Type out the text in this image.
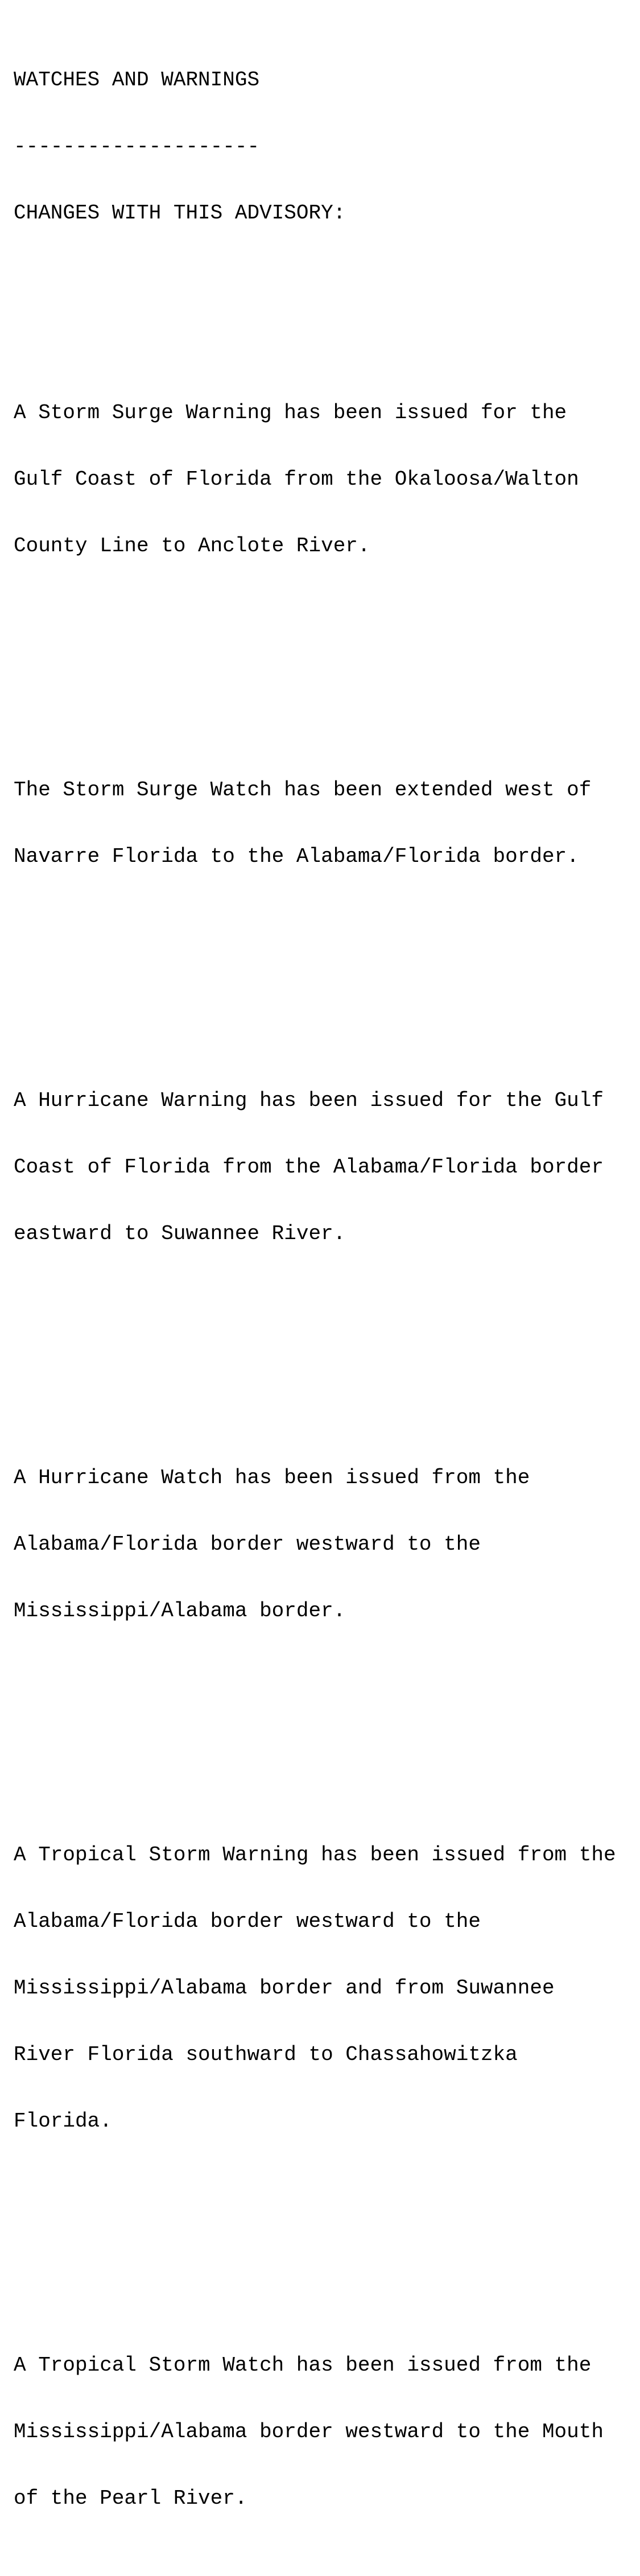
WATCHES AND WARNINGS

--------------------

CHANGES WITH THIS ADVISORY:

A Storm Surge Warning has been issued for the

Gulf Coast of Florida from the Okaloosa/Walton

County Line to Anclote River.

The Storm Surge Watch has been extended west of

Navarre Florida to the Alabama/Florida border.

A Hurricane Warning has been issued for the Gulf

Coast of Florida from the Alabama/Florida border

eastward to Suwannee River.

A Hurricane Watch has been issued from the

Alabama/Florida border westward to the

Mississippi/Alabama border.

A Tropical Storm Warning has been issued from the

Alabama/Florida border westward to the

Mississippi/Alabama border and from Suwannee

River Florida southward to Chassahowitzka

Florida.

A Tropical Storm Watch has been issued from the

Mississippi/Alabama border westward to the Mouth

of the Pearl River.
